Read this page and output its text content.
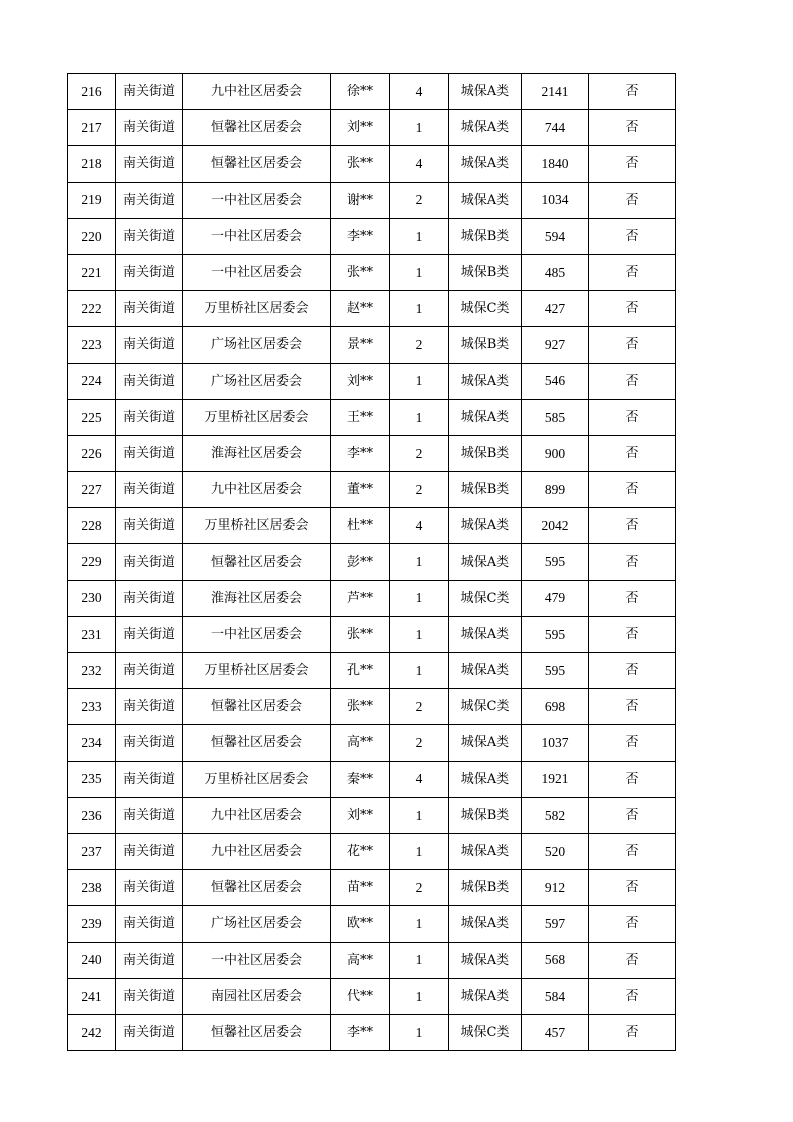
216	南关街道	九中社区居委会	徐**	4	城保A类	2141	否
217	南关街道	恒馨社区居委会	刘**	1	城保A类	744	否
218	南关街道	恒馨社区居委会	张**	4	城保A类	1840	否
219	南关街道	一中社区居委会	谢**	2	城保A类	1034	否
220	南关街道	一中社区居委会	李**	1	城保B类	594	否
221	南关街道	一中社区居委会	张**	1	城保B类	485	否
222	南关街道	万里桥社区居委会	赵**	1	城保C类	427	否
223	南关街道	广场社区居委会	景**	2	城保B类	927	否
224	南关街道	广场社区居委会	刘**	1	城保A类	546	否
225	南关街道	万里桥社区居委会	王**	1	城保A类	585	否
226	南关街道	淮海社区居委会	李**	2	城保B类	900	否
227	南关街道	九中社区居委会	董**	2	城保B类	899	否
228	南关街道	万里桥社区居委会	杜**	4	城保A类	2042	否
229	南关街道	恒馨社区居委会	彭**	1	城保A类	595	否
230	南关街道	淮海社区居委会	芦**	1	城保C类	479	否
231	南关街道	一中社区居委会	张**	1	城保A类	595	否
232	南关街道	万里桥社区居委会	孔**	1	城保A类	595	否
233	南关街道	恒馨社区居委会	张**	2	城保C类	698	否
234	南关街道	恒馨社区居委会	高**	2	城保A类	1037	否
235	南关街道	万里桥社区居委会	秦**	4	城保A类	1921	否
236	南关街道	九中社区居委会	刘**	1	城保B类	582	否
237	南关街道	九中社区居委会	花**	1	城保A类	520	否
238	南关街道	恒馨社区居委会	苗**	2	城保B类	912	否
239	南关街道	广场社区居委会	欧**	1	城保A类	597	否
240	南关街道	一中社区居委会	高**	1	城保A类	568	否
241	南关街道	南园社区居委会	代**	1	城保A类	584	否
242	南关街道	恒馨社区居委会	李**	1	城保C类	457	否
